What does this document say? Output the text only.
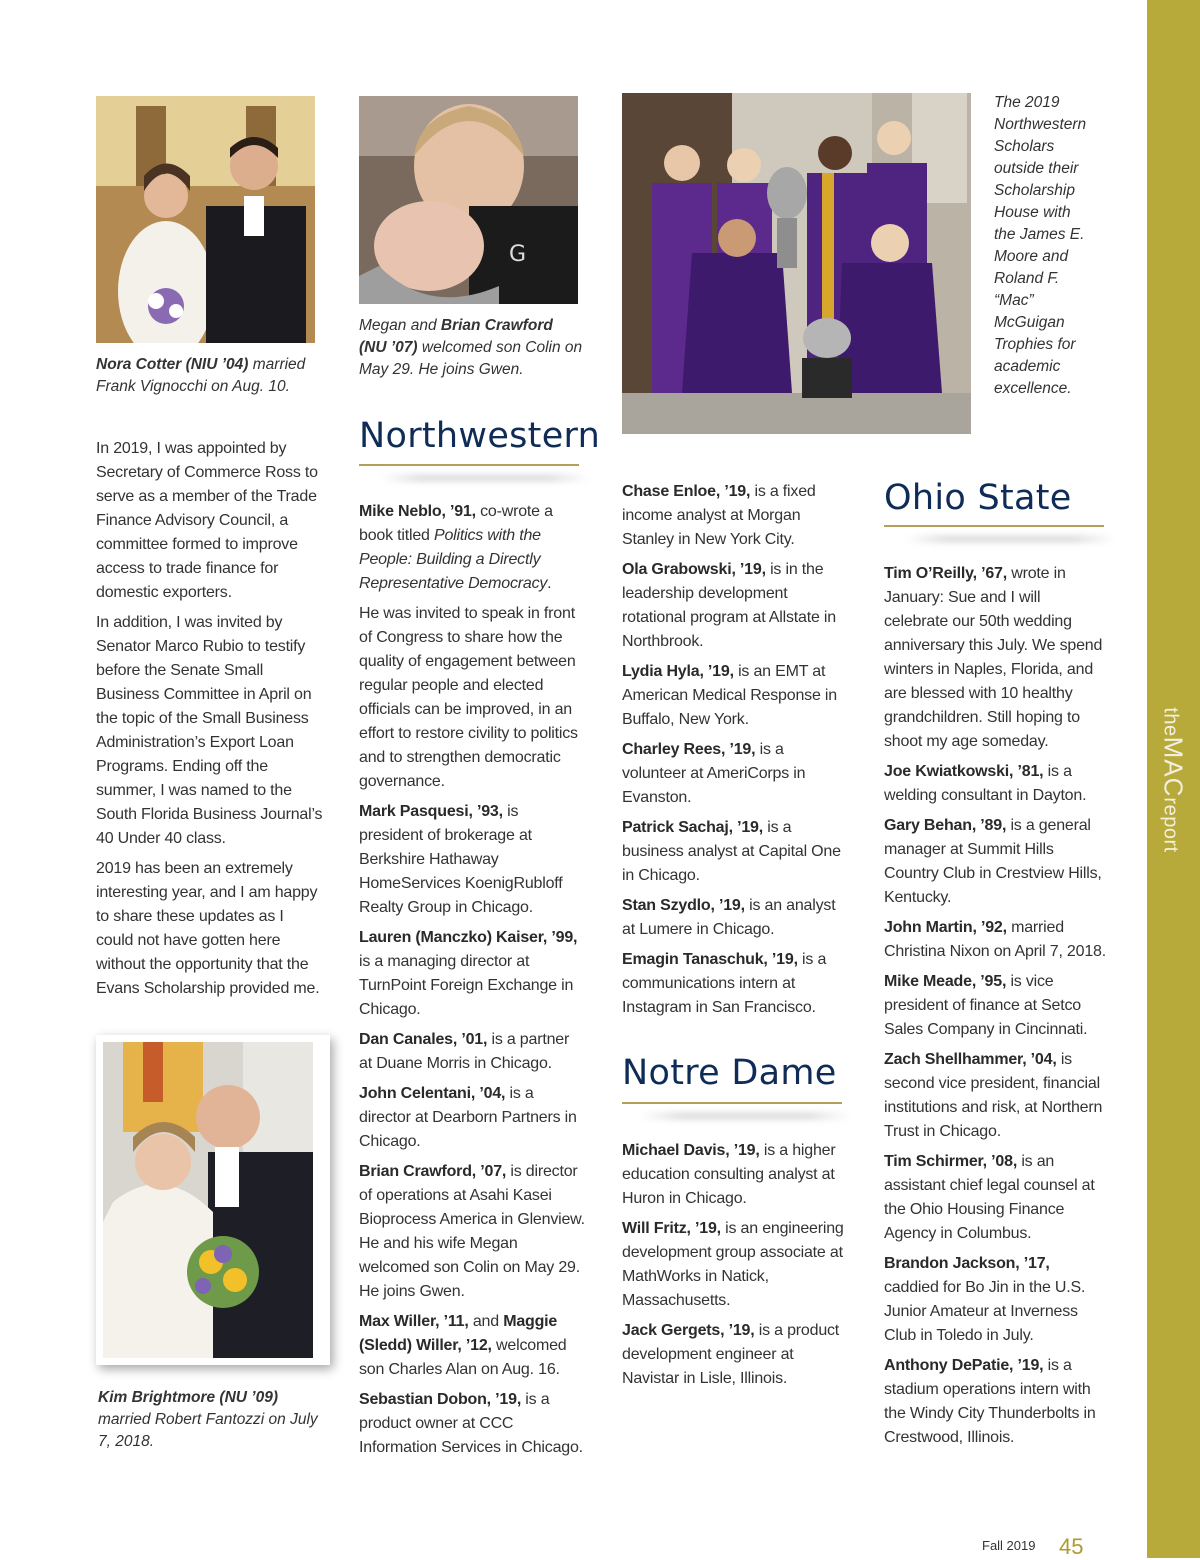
Nora Cotter (NIU ’04) married Frank Vignocchi on Aug. 10.
G
Megan and Brian Crawford (NU ’07) welcomed son Colin on May 29. He joins Gwen.
The 2019 Northwestern Scholars outside their Scholarship House with the James E. Moore and Roland F. “Mac” McGuigan Trophies for academic excellence.
Kim Brightmore (NU ’09) married Robert Fantozzi on July 7, 2018.

In 2019, I was appointed by Secretary of Commerce Ross to serve as a member of the Trade Finance Advisory Council, a committee formed to improve access to trade finance for domestic exporters.

In addition, I was invited by Senator Marco Rubio to testify before the Senate Small Business Committee in April on the topic of the Small Business Administration’s Export Loan Programs. Ending off the summer, I was named to the South Florida Business Journal’s 40 Under 40 class.

2019 has been an extremely interesting year, and I am happy to share these updates as I could not have gotten here without the opportunity that the Evans Scholarship provided me.

Northwestern

Mike Neblo, ’91, co-wrote a book titled Politics with the People: Building a Directly Representative Democracy.

He was invited to speak in front of Congress to share how the quality of engagement between regular people and elected officials can be improved, in an effort to restore civility to politics and to strengthen democratic governance.

Mark Pasquesi, ’93, is president of brokerage at Berkshire Hathaway HomeServices KoenigRubloff Realty Group in Chicago.

Lauren (Manczko) Kaiser, ’99, is a managing director at TurnPoint Foreign Exchange in Chicago.

Dan Canales, ’01, is a partner at Duane Morris in Chicago.

John Celentani, ’04, is a director at Dearborn Partners in Chicago.

Brian Crawford, ’07, is director of operations at Asahi Kasei Bioprocess America in Glenview. He and his wife Megan welcomed son Colin on May 29. He joins Gwen.

Max Willer, ’11, and Maggie (Sledd) Willer, ’12, welcomed son Charles Alan on Aug. 16.

Sebastian Dobon, ’19, is a product owner at CCC Information Services in Chicago.

Chase Enloe, ’19, is a fixed income analyst at Morgan Stanley in New York City.

Ola Grabowski, ’19, is in the leadership development rotational program at Allstate in Northbrook.

Lydia Hyla, ’19, is an EMT at American Medical Response in Buffalo, New York.

Charley Rees, ’19, is a volunteer at AmeriCorps in Evanston.

Patrick Sachaj, ’19, is a business analyst at Capital One in Chicago.

Stan Szydlo, ’19, is an analyst at Lumere in Chicago.

Emagin Tanaschuk, ’19, is a communications intern at Instagram in San Francisco.

Notre Dame

Michael Davis, ’19, is a higher education consulting analyst at Huron in Chicago.

Will Fritz, ’19, is an engineering development group associate at MathWorks in Natick, Massachusetts.

Jack Gergets, ’19, is a product development engineer at Navistar in Lisle, Illinois.

Ohio State

Tim O’Reilly, ’67, wrote in January: Sue and I will celebrate our 50th wedding anniversary this July. We spend winters in Naples, Florida, and are blessed with 10 healthy grandchildren. Still hoping to shoot my age someday.

Joe Kwiatkowski, ’81, is a welding consultant in Dayton.

Gary Behan, ’89, is a general manager at Summit Hills Country Club in Crestview Hills, Kentucky.

John Martin, ’92, married Christina Nixon on April 7, 2018.

Mike Meade, ’95, is vice president of finance at Setco Sales Company in Cincinnati.

Zach Shellhammer, ’04, is second vice president, financial institutions and risk, at Northern Trust in Chicago.

Tim Schirmer, ’08, is an assistant chief legal counsel at the Ohio Housing Finance Agency in Columbus.

Brandon Jackson, ’17, caddied for Bo Jin in the U.S. Junior Amateur at Inverness Club in Toledo in July.

Anthony DePatie, ’19, is a stadium operations intern with the Windy City Thunderbolts in Crestwood, Illinois.

theMACreport
Fall 2019 45
